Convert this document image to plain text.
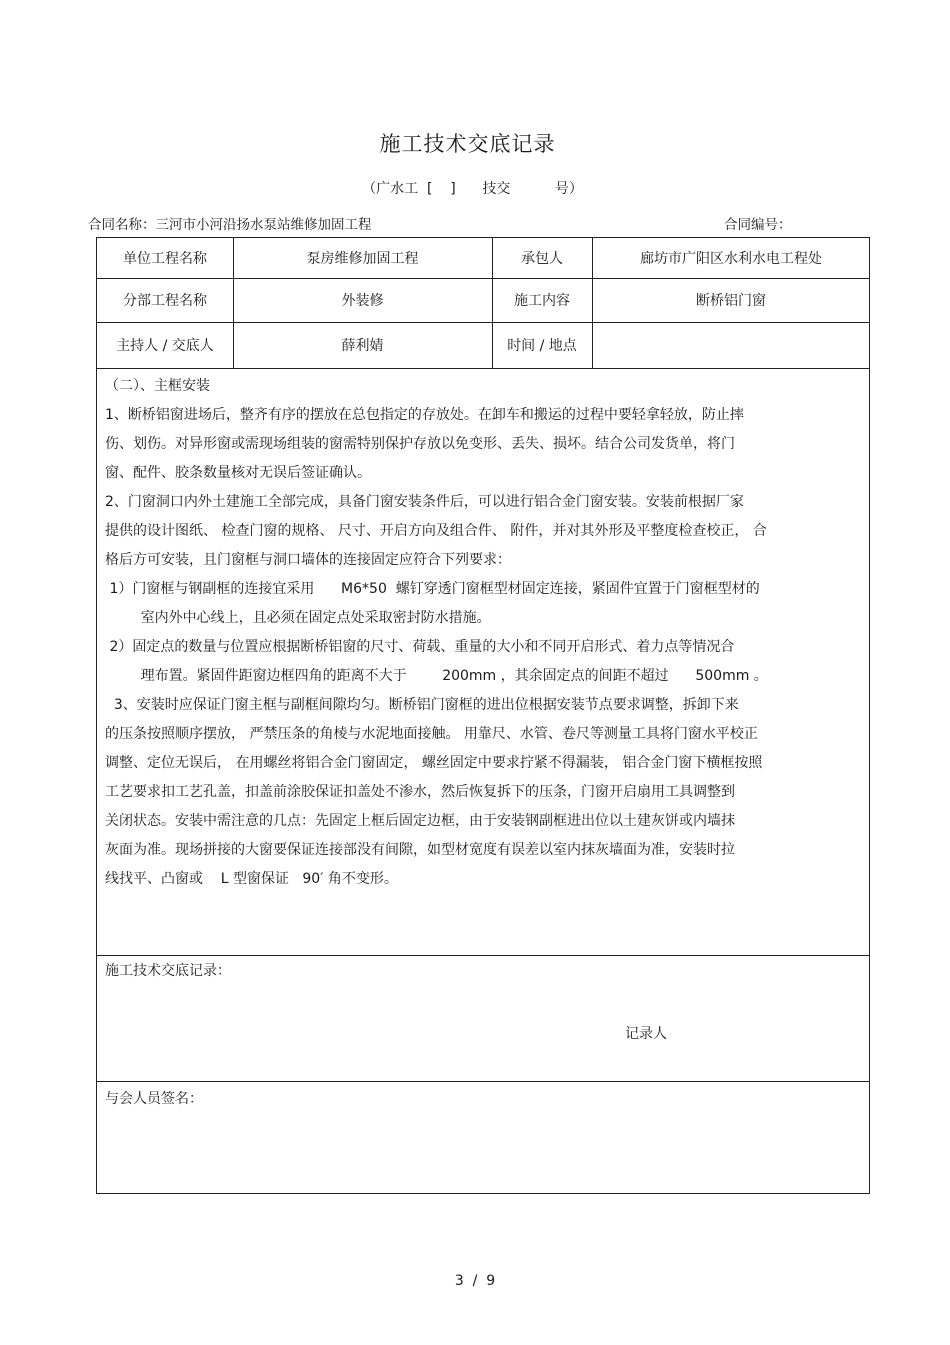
施工技术交底记录
（广水工  [    ]      技交          号）
合同名称：三河市小河沿扬水泵站维修加固工程	合同编号：
单位工程名称	泵房维修加固工程	承包人	廊坊市广阳区水利水电工程处
分部工程名称	外装修	施工内容	断桥铝门窗
主持人 / 交底人	薛利婧	时间 / 地点

（二）、主框安装

1、断桥铝窗进场后，整齐有序的摆放在总包指定的存放处。在卸车和搬运的过程中要轻拿轻放，防止摔

伤、划伤。对异形窗或需现场组装的窗需特别保护存放以免变形、丢失、损坏。结合公司发货单，将门

窗、配件、胶条数量核对无误后签证确认。

2、门窗洞口内外土建施工全部完成，具备门窗安装条件后，可以进行铝合金门窗安装。安装前根据厂家

提供的设计图纸、 检查门窗的规格、 尺寸、开启方向及组合件、 附件，并对其外形及平整度检查校正， 合

格后方可安装，且门窗框与洞口墙体的连接固定应符合下列要求：

1）门窗框与钢副框的连接宜采用      M6*50  螺钉穿透门窗框型材固定连接，紧固件宜置于门窗框型材的

室内外中心线上，且必须在固定点处采取密封防水措施。

2）固定点的数量与位置应根据断桥铝窗的尺寸、荷载、重量的大小和不同开启形式、着力点等情况合

理布置。紧固件距窗边框四角的距离不大于        200mm ，其余固定点的间距不超过      500mm 。

3、安装时应保证门窗主框与副框间隙均匀。断桥铝门窗框的进出位根据安装节点要求调整，拆卸下来

的压条按照顺序摆放， 严禁压条的角棱与水泥地面接触。 用靠尺、水管、卷尺等测量工具将门窗水平校正

调整、定位无误后， 在用螺丝将铝合金门窗固定， 螺丝固定中要求拧紧不得漏装， 铝合金门窗下横框按照

工艺要求扣工艺孔盖，扣盖前涂胶保证扣盖处不渗水，然后恢复拆下的压条，门窗开启扇用工具调整到

关闭状态。安装中需注意的几点：先固定上框后固定边框，由于安装钢副框进出位以土建灰饼或内墙抹

灰面为准。现场拼接的大窗要保证连接部没有间隙，如型材宽度有误差以室内抹灰墙面为准，安装时拉

线找平、凸窗或    L 型窗保证   90′ 角不变形。

施工技术交底记录：
记录人
与会人员签名：
3  /  9
